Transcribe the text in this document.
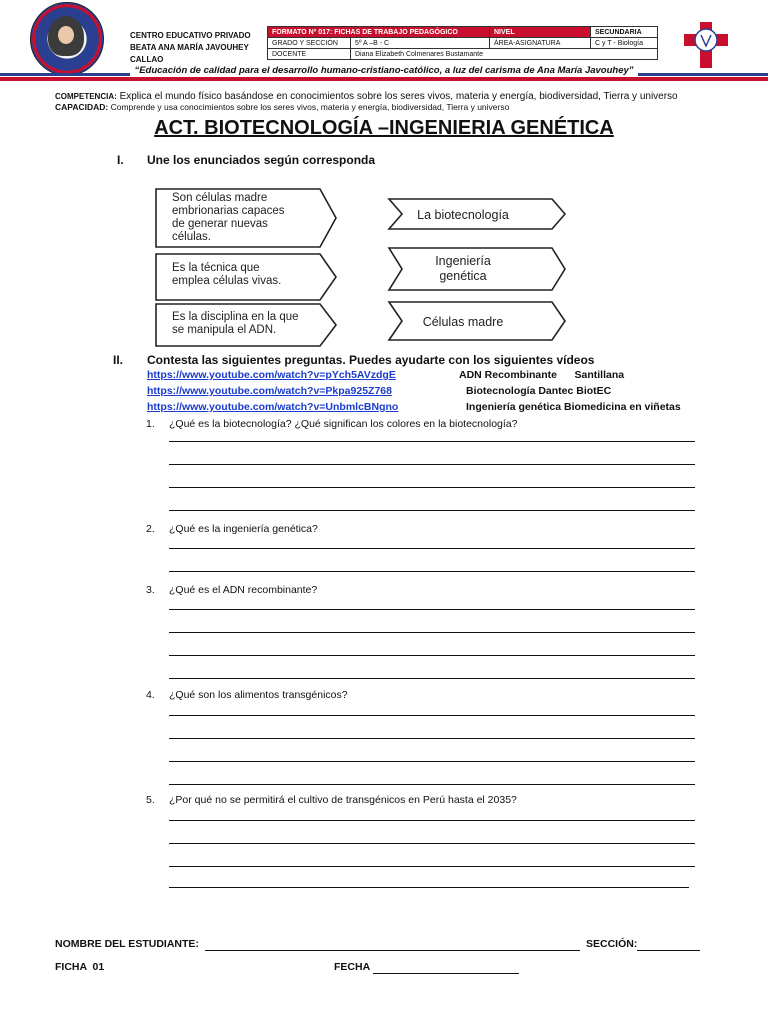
CENTRO EDUCATIVO PRIVADO
BEATA ANA MARÍA JAVOUHEY
CALLAO
FORMATO Nº 017: FICHAS DE TRABAJO PEDAGÓGICO		NIVEL	SECUNDARIA
GRADO Y SECCIÓN	5º A –B - C	ÁREA-ASIGNATURA	C y T - Biología
DOCENTE	Diana Elizabeth Colmenares Bustamante		
“Educación de calidad para el desarrollo humano-cristiano-católico, a luz del carisma de Ana María Javouhey”
COMPETENCIA: Explica el mundo físico basándose en conocimientos sobre los seres vivos, materia y energía, biodiversidad, Tierra y universo
CAPACIDAD: Comprende y usa conocimientos sobre los seres vivos, materia y energía, biodiversidad, Tierra y universo
ACT. BIOTECNOLOGÍA –INGENIERIA GENÉTICA
I. Une los enunciados según corresponda
Son células madre
embrionarias capaces
de generar nuevas
células.
Es la técnica que
emplea células vivas.
Es la disciplina en la que
se manipula el ADN.
La biotecnología
Ingeniería
genética
Células madre
II. Contesta las siguientes preguntas. Puedes ayudarte con los siguientes vídeos
https://www.youtube.com/watch?v=pYch5AVzdgE	ADN Recombinante      Santillana
https://www.youtube.com/watch?v=Pkpa925Z768	Biotecnología Dantec BiotEC
https://www.youtube.com/watch?v=UnbmlcBNgno	Ingeniería genética Biomedicina en viñetas
1. ¿Qué es la biotecnología? ¿Qué significan los colores en la biotecnología?
2. ¿Qué es la ingeniería genética?
3. ¿Qué es el ADN recombinante?
4. ¿Qué son los alimentos transgénicos?
5. ¿Por qué no se permitirá el cultivo de transgénicos en Perú hasta el 2035?
NOMBRE DEL ESTUDIANTE:	SECCIÓN:
FICHA  01	FECHA
